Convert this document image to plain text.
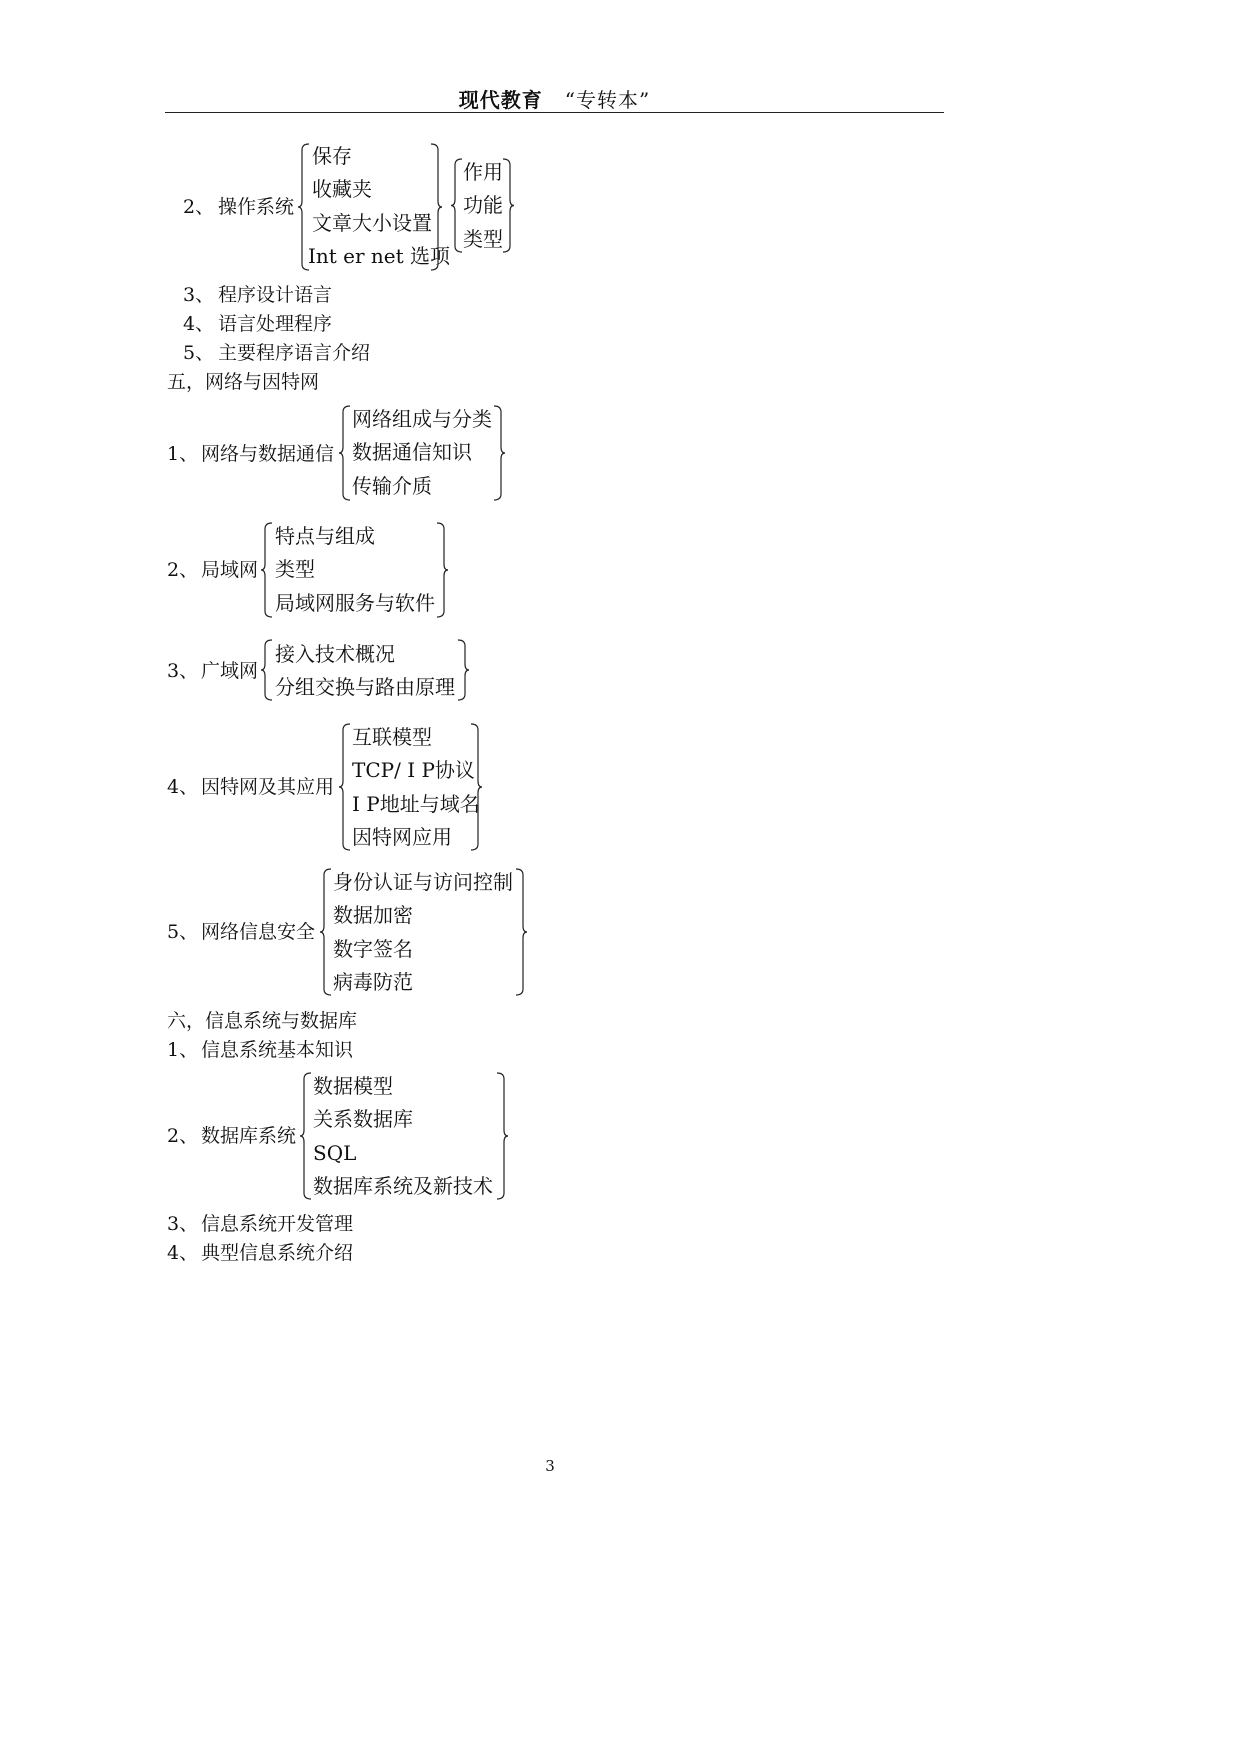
现代教育 “专转本”
2、 操作系统
保存
收藏夹
文章大小设置
Int er net 选项
作用
功能
类型
3、 程序设计语言
4、 语言处理程序
5、 主要程序语言介绍
五，网络与因特网
1、 网络与数据通信
网络组成与分类
数据通信知识
传输介质
2、 局域网
特点与组成
类型
局域网服务与软件
3、 广域网
接入技术概况
分组交换与路由原理
4、 因特网及其应用
互联模型
TCP/ I P协议
I P地址与域名
因特网应用
5、 网络信息安全
身份认证与访问控制
数据加密
数字签名
病毒防范
六，信息系统与数据库
1、 信息系统基本知识
2、 数据库系统
数据模型
关系数据库
SQL
数据库系统及新技术
3、 信息系统开发管理
4、 典型信息系统介绍
3
